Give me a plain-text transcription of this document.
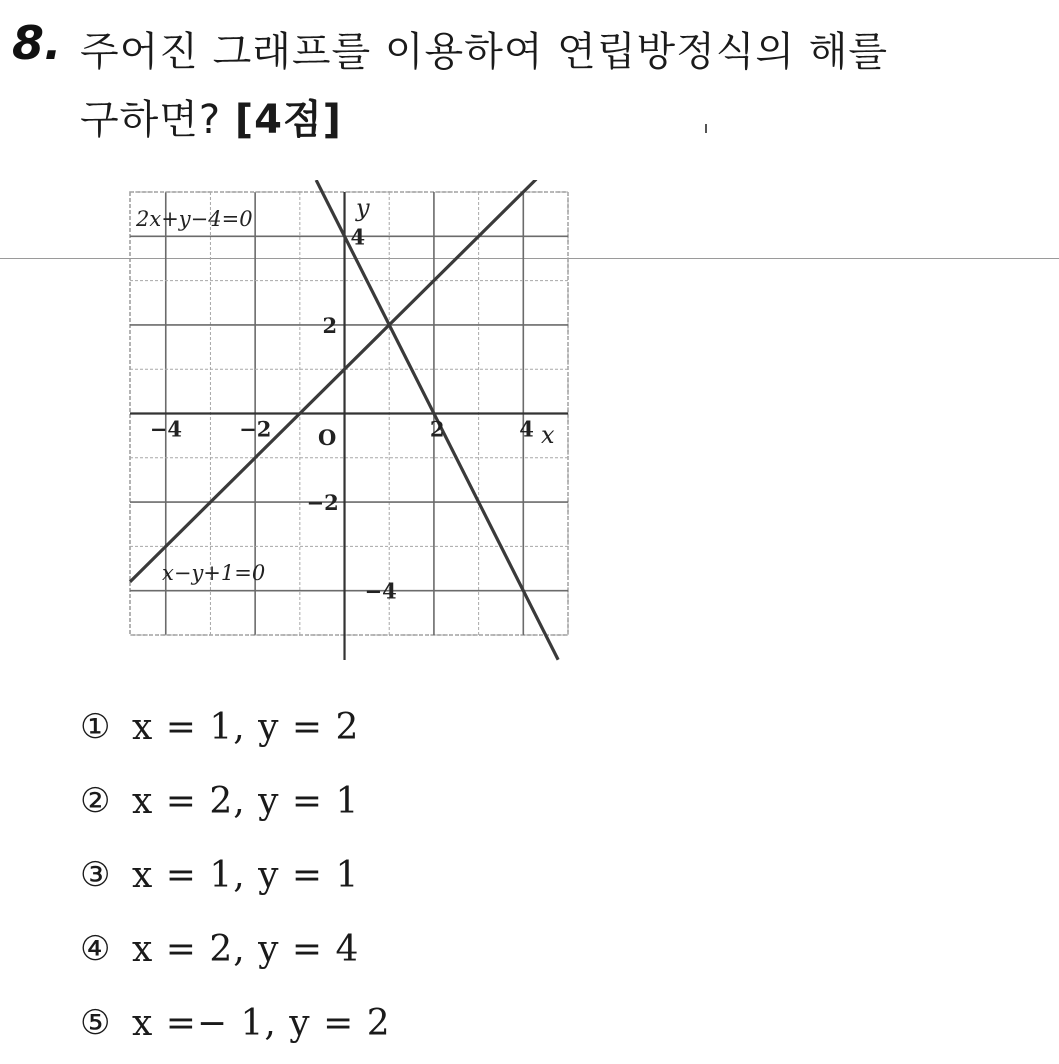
8. 주어진 그래프를 이용하여 연립방정식의 해를
구하면? [4점]
2x+y−4=0
x−y+1=0
x
y
O
−4	−2	2	4
4
2
−2
−4
① x = 1, y = 2
② x = 2, y = 1
③ x = 1, y = 1
④ x = 2, y = 4
⑤ x =− 1, y = 2
